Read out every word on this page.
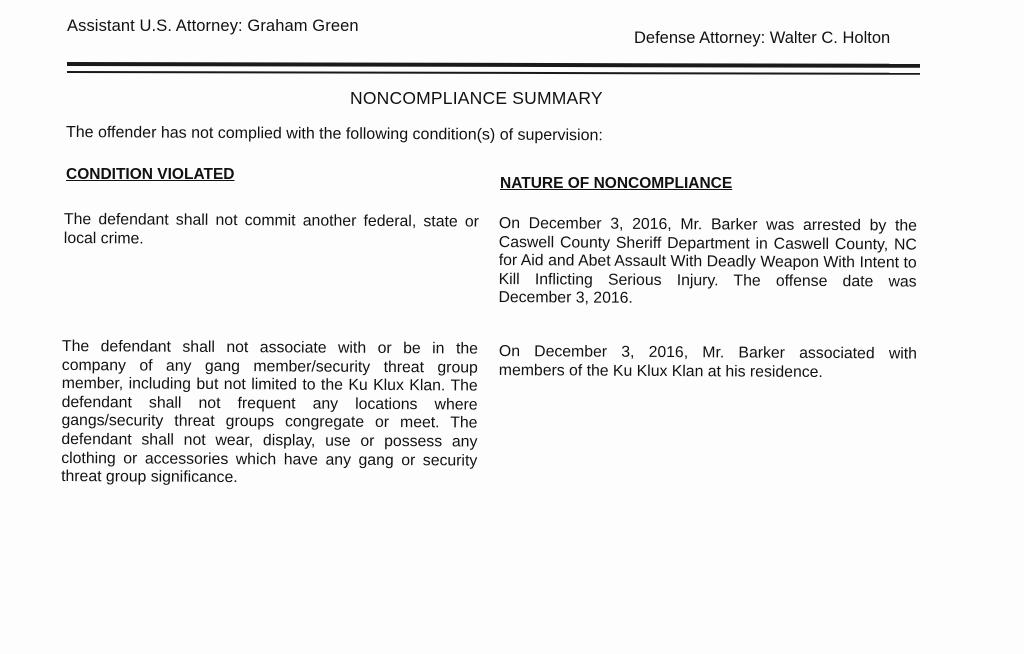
Assistant U.S. Attorney: Graham Green
Defense Attorney: Walter C. Holton
NONCOMPLIANCE SUMMARY
The offender has not complied with the following condition(s) of supervision:
CONDITION VIOLATED
NATURE OF NONCOMPLIANCE
The defendant shall not commit another federal, state or local crime.
On December 3, 2016, Mr. Barker was arrested by the Caswell County Sheriff Department in Caswell County, NC for Aid and Abet Assault With Deadly Weapon With Intent to Kill Inflicting Serious Injury. The offense date was December 3, 2016.
The defendant shall not associate with or be in the company of any gang member/security threat group member, including but not limited to the Ku Klux Klan. The defendant shall not frequent any locations where gangs/security threat groups congregate or meet. The defendant shall not wear, display, use or possess any clothing or accessories which have any gang or security threat group significance.
On December 3, 2016, Mr. Barker associated with members of the Ku Klux Klan at his residence.
